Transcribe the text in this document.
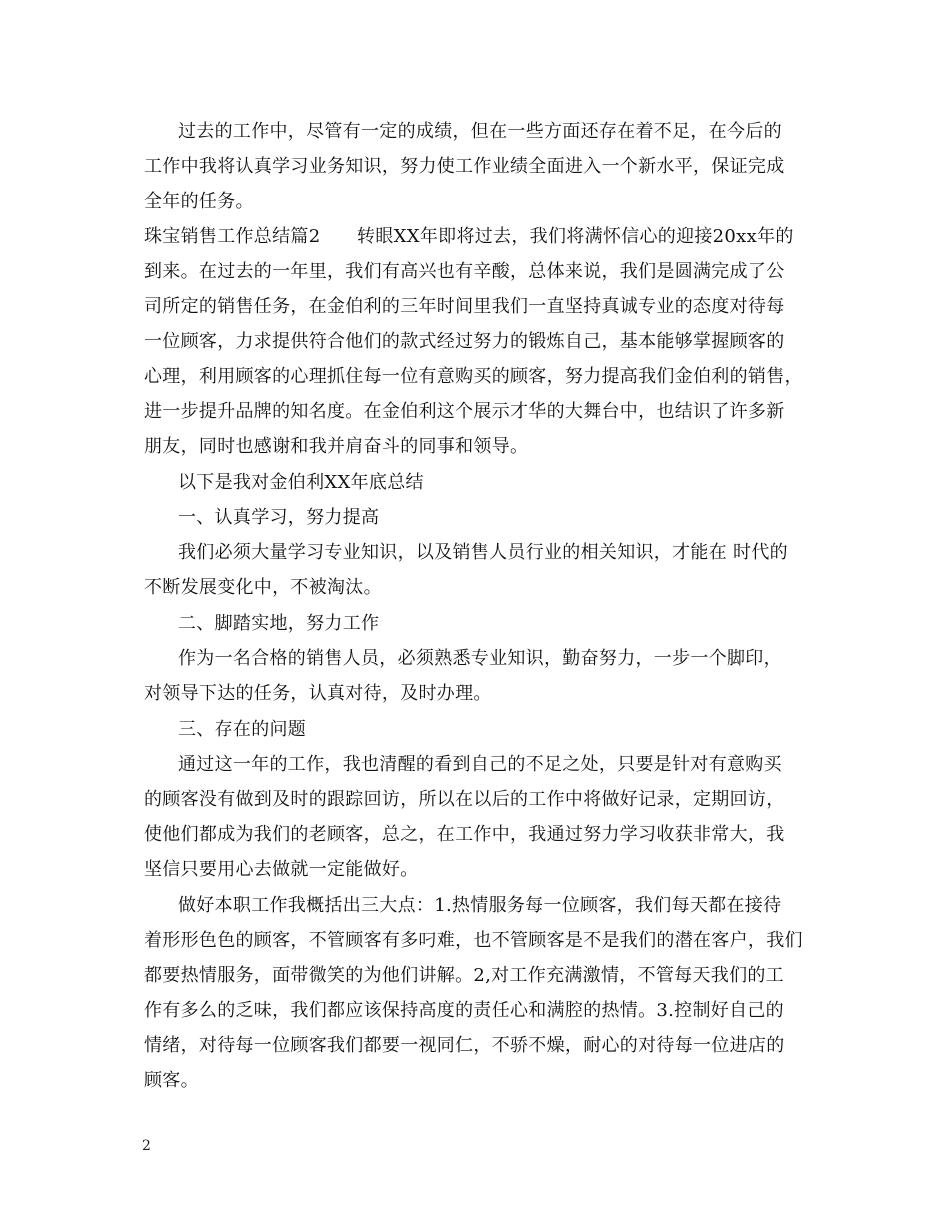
过去的工作中，尽管有一定的成绩，但在一些方面还存在着不足，在今后的
工作中我将认真学习业务知识，努力使工作业绩全面进入一个新水平，保证完成
全年的任务。
珠宝销售工作总结篇2　　转眼XX年即将过去，我们将满怀信心的迎接20xx年的
到来。在过去的一年里，我们有高兴也有辛酸，总体来说，我们是圆满完成了公
司所定的销售任务，在金伯利的三年时间里我们一直坚持真诚专业的态度对待每
一位顾客，力求提供符合他们的款式经过努力的锻炼自己，基本能够掌握顾客的
心理，利用顾客的心理抓住每一位有意购买的顾客，努力提高我们金伯利的销售，
进一步提升品牌的知名度。在金伯利这个展示才华的大舞台中，也结识了许多新
朋友，同时也感谢和我并肩奋斗的同事和领导。
以下是我对金伯利XX年底总结
一、认真学习，努力提高
我们必须大量学习专业知识，以及销售人员行业的相关知识，才能在 时代的
不断发展变化中，不被淘汰。
二、脚踏实地，努力工作
作为一名合格的销售人员，必须熟悉专业知识，勤奋努力，一步一个脚印，
对领导下达的任务，认真对待，及时办理。
三、存在的问题
通过这一年的工作，我也清醒的看到自己的不足之处，只要是针对有意购买
的顾客没有做到及时的跟踪回访，所以在以后的工作中将做好记录，定期回访，
使他们都成为我们的老顾客，总之，在工作中，我通过努力学习收获非常大，我
坚信只要用心去做就一定能做好。
做好本职工作我概括出三大点：1.热情服务每一位顾客，我们每天都在接待
着形形色色的顾客，不管顾客有多叼难，也不管顾客是不是我们的潜在客户，我们
都要热情服务，面带微笑的为他们讲解。2,对工作充满激情，不管每天我们的工
作有多么的乏味，我们都应该保持高度的责任心和满腔的热情。3.控制好自己的
情绪，对待每一位顾客我们都要一视同仁，不骄不燥，耐心的对待每一位进店的
顾客。
2
